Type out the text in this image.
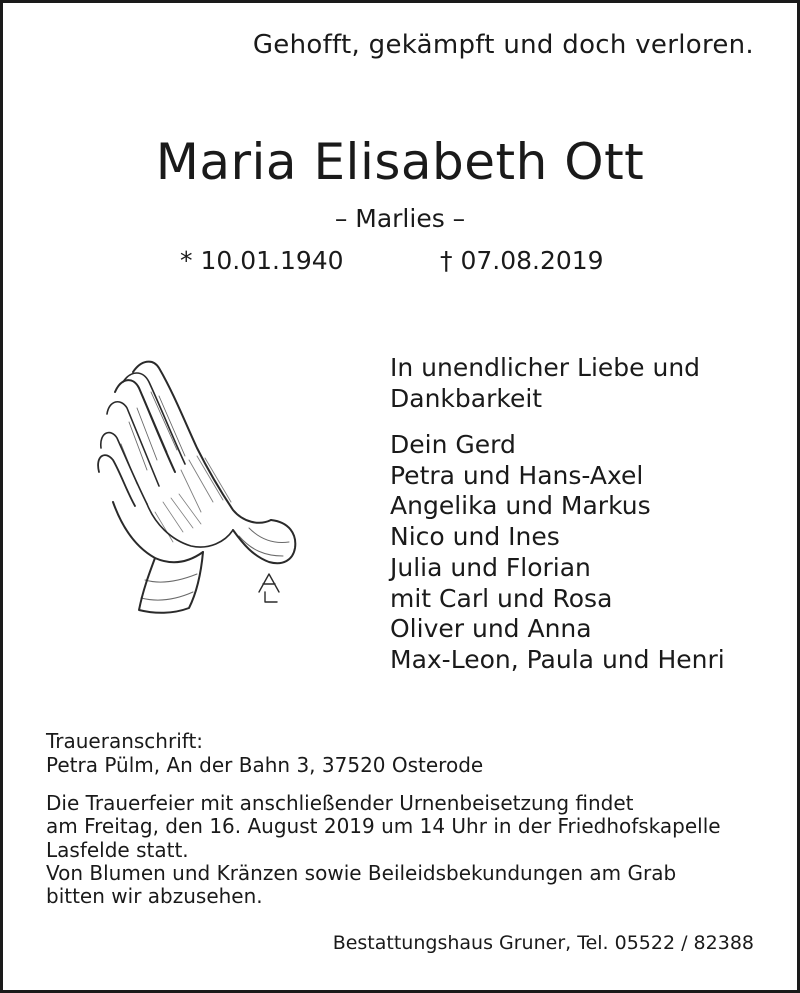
Gehofft, gekämpft und doch verloren.
Maria Elisabeth Ott
– Marlies –
* 10.01.1940	† 07.08.2019
In unendlicher Liebe und
Dankbarkeit
Dein Gerd
Petra und Hans-Axel
Angelika und Markus
Nico und Ines
Julia und Florian
mit Carl und Rosa
Oliver und Anna
Max-Leon, Paula und Henri

Traueranschrift:

Petra Pülm, An der Bahn 3, 37520 Osterode

Die Trauerfeier mit anschließender Urnenbeisetzung findet

am Freitag, den 16. August 2019 um 14 Uhr in der Friedhofskapelle

Lasfelde statt.

Von Blumen und Kränzen sowie Beileidsbekundungen am Grab

bitten wir abzusehen.

Bestattungshaus Gruner, Tel. 05522 / 82388
